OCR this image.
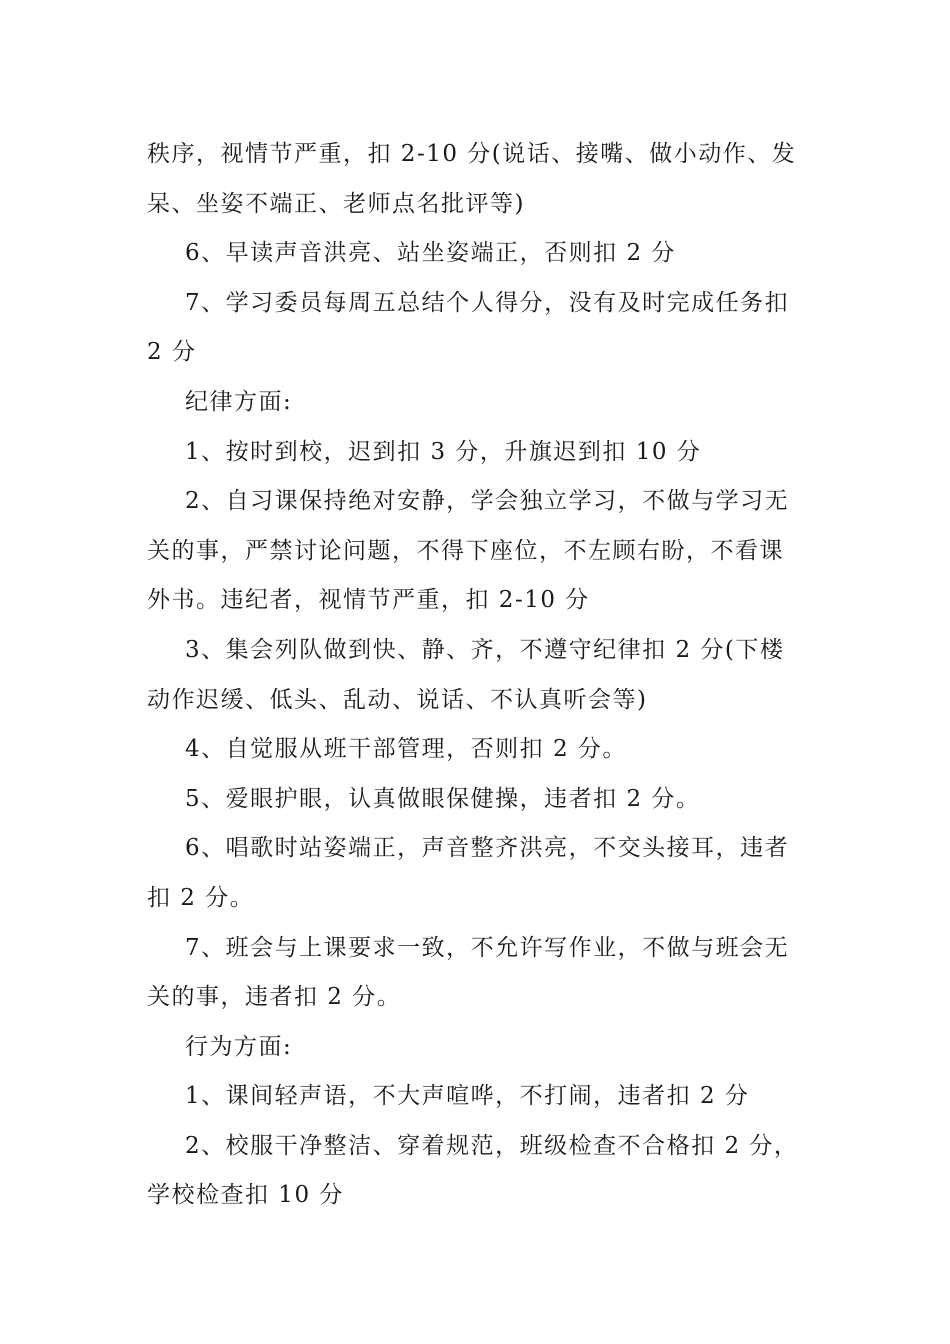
秩序，视情节严重，扣 2-10 分(说话、接嘴、做小动作、发呆、坐姿不端正、老师点名批评等)

6、早读声音洪亮、站坐姿端正，否则扣 2 分

7、学习委员每周五总结个人得分，没有及时完成任务扣 2 分

纪律方面:

1、按时到校，迟到扣 3 分，升旗迟到扣 10 分

2、自习课保持绝对安静，学会独立学习，不做与学习无关的事，严禁讨论问题，不得下座位，不左顾右盼，不看课外书。违纪者，视情节严重，扣 2-10 分

3、集会列队做到快、静、齐，不遵守纪律扣 2 分(下楼动作迟缓、低头、乱动、说话、不认真听会等)

4、自觉服从班干部管理，否则扣 2 分。

5、爱眼护眼，认真做眼保健操，违者扣 2 分。

6、唱歌时站姿端正，声音整齐洪亮，不交头接耳，违者扣 2 分。

7、班会与上课要求一致，不允许写作业，不做与班会无关的事，违者扣 2 分。

行为方面:

1、课间轻声语，不大声喧哗，不打闹，违者扣 2 分

2、校服干净整洁、穿着规范，班级检查不合格扣 2 分，学校检查扣 10 分
